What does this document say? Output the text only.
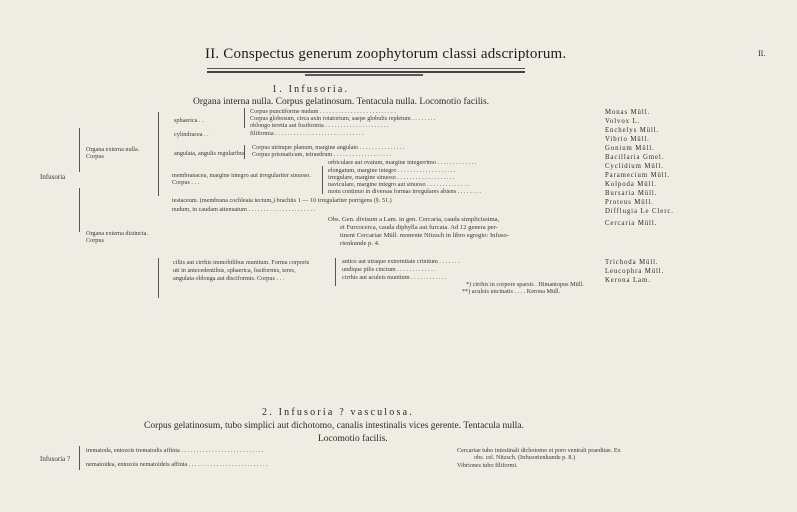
II. Conspectus generum zoophytorum classi adscriptorum.	II.
1. Infusoria.
Organa interna nulla. Corpus gelatinosum. Tentacula nulla. Locomotio facilis.
Infusoria
Organa externa nulla. Corpus
Organa externa distincta. Corpus
sphaerica . .
cylindracea . .
angulata, angulis regularibus
membranacea, margine integro aut irregulariter sinuoso. Corpus . . .
testaceum. (membrana cochleata tectum,) brachiis 1 — 10 irregulariter porrigens (§. 51.)
nudum, in caudam attenuatum . . . . . . . . . . . . . . . . . . . . . .
Corpus punctiforme nudum . . . . . . . . . . . . . . . . . . . . . . . . .
Corpus globosum, circa axin rotatorium, saepe globulis repletum . . . . . . . .
oblongo teretia aut fusiformia . . . . . . . . . . . . . . . . . . . . .
filiformia . . . . . . . . . . . . . . . . . . . . . . . . . . . . .
Corpus utrinque planum, margine angulato . . . . . . . . . . . . . . .
Corpus prismaticum, tetraedrum . . . . . . . . . . . . . . . . . . .
orbiculare aut ovatum, margine integerrimo . . . . . . . . . . . . .
elongatum, margine integro . . . . . . . . . . . . . . . . . . .
irregulare, margine sinuoso . . . . . . . . . . . . . . . . . . .
naviculare, margine integro aut sinuoso . . . . . . . . . . . . . .
motu continuo in diversas formas irregulares abiens . . . . . . . .
Monas Müll.
Volvox L.
Enchelys Müll.
Vibrio Müll.
Gonium Müll.
Bacillaria Gmel.
Cyclidium Müll.
Paramecium Müll.
Kolpoda Müll.
Bursaria Müll.
Proteus Müll.
Difflugia Le Clerc.
Cercaria Müll.
Obs. Gen. divisum a Lam. in gen. Cercaria, cauda simplicissima,
et Furcocerca, cauda diphylla aut furcata. Ad 12 genera per-
tinent Cercariae Müll. monente Nitzsch in libro egregio: Infuso-
rienkunde p. 4.
ciliis aut cirrhis immobilibus munitum. Forma corporis
uti in antecedentibus, sphaerica, fusiformis, teres,
angulata oblonga aut disciformis. Corpus . . .
antice aut utraque extremitate crinitum . . . . . . .
undique pilis cinctum . . . . . . . . . . . . .
cirrhis aut aculeis munitum . . . . . . . . . . . .
*) cirrhis in corpore sparsis . Himantopus Müll.
**) aculeis uncinatis . . . . Kerona Müll.
Trichoda Müll.
Leucophra Müll.
Kerona Lam.
2. Infusoria ? vasculosa.
Corpus gelatinosum, tubo simplici aut dichotomo, canalis intestinalis vices gerente. Tentacula nulla.
Locomotio facilis.
Infusoria ?
trematoda, entozois trematodis affinia . . . . . . . . . . . . . . . . . . . . . . . . . . .
nematoidea, entozois nematoideis affinia . . . . . . . . . . . . . . . . . . . . . . . . . .
Cercariae tubo intestinali dichotomo et poro ventrali praeditae. Ex
obs. cel. Nitzsch. (Infusorienkunde p. 8.)
Vibriones tubo filiformi.
